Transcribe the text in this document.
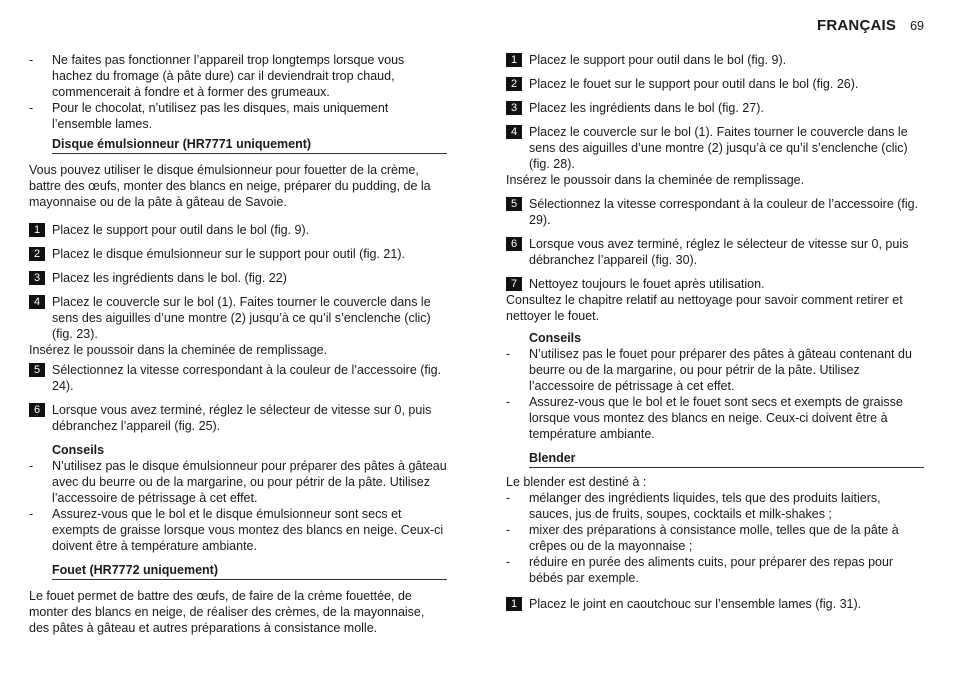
FRANÇAIS 69
- Ne faites pas fonctionner l’appareil trop longtemps lorsque vous hachez du fromage (à pâte dure) car il deviendrait trop chaud, commencerait à fondre et à former des grumeaux.
- Pour le chocolat, n’utilisez pas les disques, mais uniquement l’ensemble lames.
Disque émulsionneur (HR7771 uniquement)

Vous pouvez utiliser le disque émulsionneur pour fouetter de la crème, battre des œufs, monter des blancs en neige, préparer du pudding, de la mayonnaise ou de la pâte à gâteau de Savoie.

1 Placez le support pour outil dans le bol (fig. 9).
2 Placez le disque émulsionneur sur le support pour outil (fig. 21).
3 Placez les ingrédients dans le bol. (fig. 22)
4 Placez le couvercle sur le bol (1). Faites tourner le couvercle dans le sens des aiguilles d’une montre (2) jusqu’à ce qu’il s’enclenche (clic) (fig. 23).

Insérez le poussoir dans la cheminée de remplissage.

5 Sélectionnez la vitesse correspondant à la couleur de l’accessoire (fig. 24).
6 Lorsque vous avez terminé, réglez le sélecteur de vitesse sur 0, puis débranchez l’appareil (fig. 25).
Conseils
- N’utilisez pas le disque émulsionneur pour préparer des pâtes à gâteau avec du beurre ou de la margarine, ou pour pétrir de la pâte. Utilisez l’accessoire de pétrissage à cet effet.
- Assurez-vous que le bol et le disque émulsionneur sont secs et exempts de graisse lorsque vous montez des blancs en neige. Ceux-ci doivent être à température ambiante.
Fouet (HR7772 uniquement)

Le fouet permet de battre des œufs, de faire de la crème fouettée, de monter des blancs en neige, de réaliser des crèmes, de la mayonnaise, des pâtes à gâteau et autres préparations à consistance molle.

1 Placez le support pour outil dans le bol (fig. 9).
2 Placez le fouet sur le support pour outil dans le bol (fig. 26).
3 Placez les ingrédients dans le bol (fig. 27).
4 Placez le couvercle sur le bol (1). Faites tourner le couvercle dans le sens des aiguilles d’une montre (2) jusqu’à ce qu’il s’enclenche (clic) (fig. 28).

Insérez le poussoir dans la cheminée de remplissage.

5 Sélectionnez la vitesse correspondant à la couleur de l’accessoire (fig. 29).
6 Lorsque vous avez terminé, réglez le sélecteur de vitesse sur 0, puis débranchez l’appareil (fig. 30).
7 Nettoyez toujours le fouet après utilisation.

Consultez le chapitre relatif au nettoyage pour savoir comment retirer et nettoyer le fouet.

Conseils
- N’utilisez pas le fouet pour préparer des pâtes à gâteau contenant du beurre ou de la margarine, ou pour pétrir de la pâte. Utilisez l’accessoire de pétrissage à cet effet.
- Assurez-vous que le bol et le fouet sont secs et exempts de graisse lorsque vous montez des blancs en neige. Ceux-ci doivent être à température ambiante.
Blender

Le blender est destiné à :

- mélanger des ingrédients liquides, tels que des produits laitiers, sauces, jus de fruits, soupes, cocktails et milk-shakes ;
- mixer des préparations à consistance molle, telles que de la pâte à crêpes ou de la mayonnaise ;
- réduire en purée des aliments cuits, pour préparer des repas pour bébés par exemple.
1 Placez le joint en caoutchouc sur l’ensemble lames (fig. 31).
